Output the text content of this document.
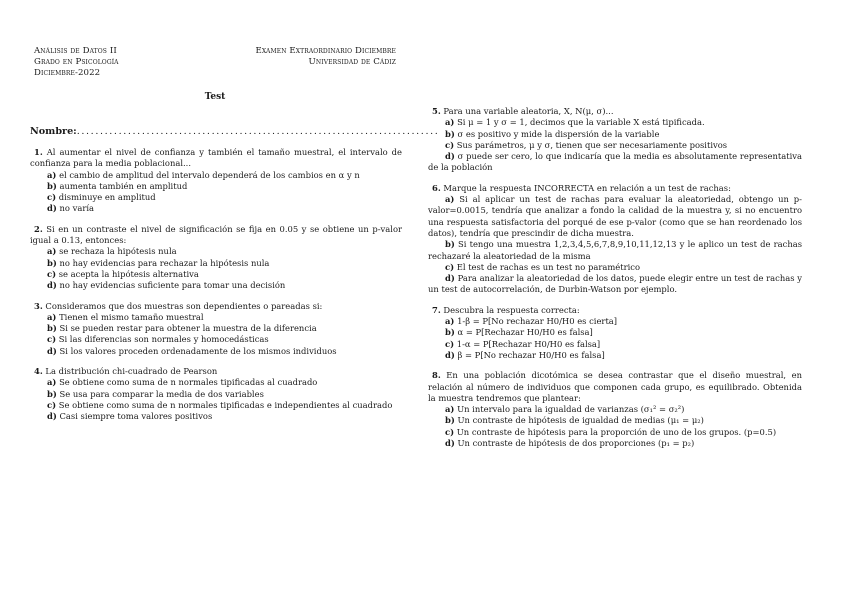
Análisis de Datos II
Grado en Psicología
Diciembre-2022
Examen Extraordinario Diciembre
Universidad de Cádiz
Test
Nombre:..............................................................................
1. Al aumentar el nivel de confianza y también el tamaño muestral, el intervalo de confianza para la media poblacional...
a) el cambio de amplitud del intervalo dependerá de los cambios en α y n
b) aumenta también en amplitud
c) disminuye en amplitud
d) no varía
2. Si en un contraste el nivel de significación se fija en 0.05 y se obtiene un p-valor igual a 0.13, entonces:
a) se rechaza la hipótesis nula
b) no hay evidencias para rechazar la hipótesis nula
c) se acepta la hipótesis alternativa
d) no hay evidencias suficiente para tomar una decisión
3. Consideramos que dos muestras son dependientes o pareadas si:
a) Tienen el mismo tamaño muestral
b) Si se pueden restar para obtener la muestra de la diferencia
c) Si las diferencias son normales y homocedásticas
d) Si los valores proceden ordenadamente de los mismos individuos
4. La distribución chi-cuadrado de Pearson
a) Se obtiene como suma de n normales tipificadas al cuadrado
b) Se usa para comparar la media de dos variables
c) Se obtiene como suma de n normales tipificadas e independientes al cuadrado
d) Casi siempre toma valores positivos
5. Para una variable aleatoria, X, N(μ, σ)...
a) Si μ = 1 y σ = 1, decimos que la variable X está tipificada.
b) σ es positivo y mide la dispersión de la variable
c) Sus parámetros, μ y σ, tienen que ser necesariamente positivos
d) σ puede ser cero, lo que indicaría que la media es absolutamente representativa de la población
6. Marque la respuesta INCORRECTA en relación a un test de rachas:
a) Si al aplicar un test de rachas para evaluar la aleatoriedad, obtengo un p-valor=0.0015, tendría que analizar a fondo la calidad de la muestra y, si no encuentro una respuesta satisfactoria del porqué de ese p-valor (como que se han reordenado los datos), tendría que prescindir de dicha muestra.
b) Si tengo una muestra 1,2,3,4,5,6,7,8,9,10,11,12,13 y le aplico un test de rachas rechazaré la aleatoriedad de la misma
c) El test de rachas es un test no paramétrico
d) Para analizar la aleatoriedad de los datos, puede elegir entre un test de rachas y un test de autocorrelación, de Durbin-Watson por ejemplo.
7. Descubra la respuesta correcta:
a) 1-β = P[No rechazar H0/H0 es cierta]
b) α = P[Rechazar H0/H0 es falsa]
c) 1-α = P[Rechazar H0/H0 es falsa]
d) β = P[No rechazar H0/H0 es falsa]
8. En una población dicotómica se desea contrastar que el diseño muestral, en relación al número de individuos que componen cada grupo, es equilibrado. Obtenida la muestra tendremos que plantear:
a) Un intervalo para la igualdad de varianzas (σ₁² = σ₂²)
b) Un contraste de hipótesis de igualdad de medias (μ₁ = μ₂)
c) Un contraste de hipótesis para la proporción de uno de los grupos. (p=0.5)
d) Un contraste de hipótesis de dos proporciones (p₁ = p₂)
